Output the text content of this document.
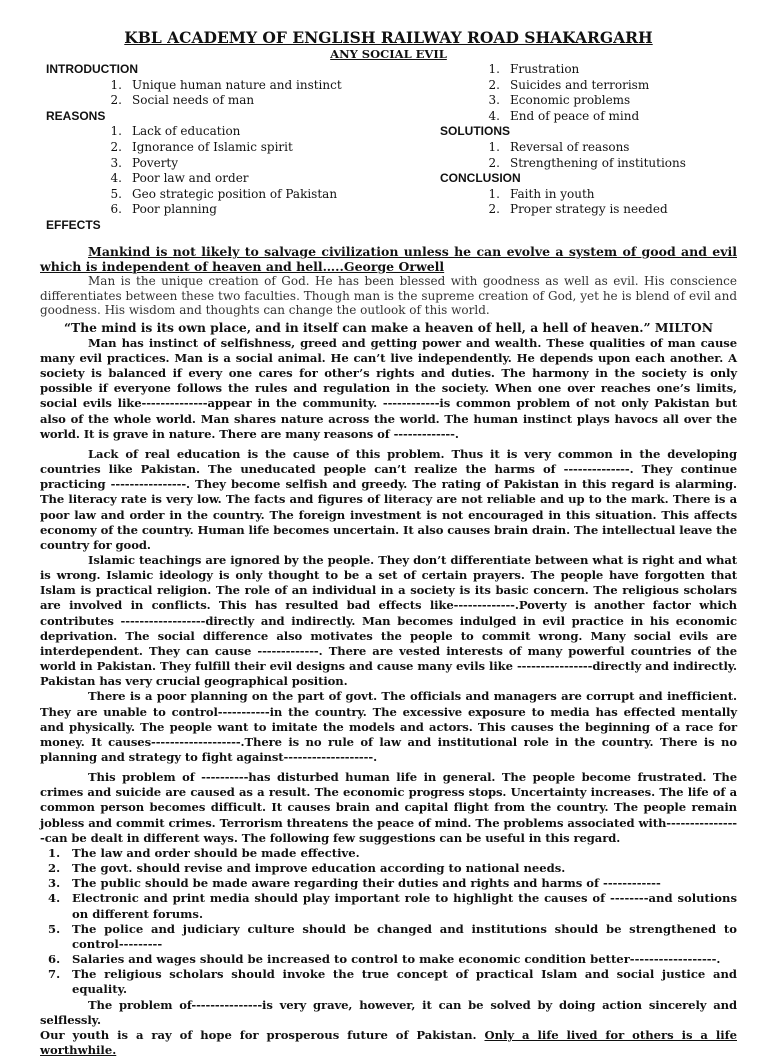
KBL ACADEMY OF ENGLISH RAILWAY ROAD SHAKARGARH
ANY SOCIAL EVIL
INTRODUCTION
1. Unique human nature and instinct
2. Social needs of man
REASONS
1. Lack of education
2. Ignorance of Islamic spirit
3. Poverty
4. Poor law and order
5. Geo strategic position of Pakistan
6. Poor planning
EFFECTS
1. Frustration
2. Suicides and terrorism
3. Economic problems
4. End of peace of mind
SOLUTIONS
1. Reversal of reasons
2. Strengthening of institutions
CONCLUSION
1. Faith in youth
2. Proper strategy is needed
Mankind is not likely to salvage civilization unless he can evolve a system of good and evil which is independent of heaven and hell…..George Orwell
Man is the unique creation of God. He has been blessed with goodness as well as evil. His conscience differentiates between these two faculties. Though man is the supreme creation of God, yet he is blend of evil and goodness. His wisdom and thoughts can change the outlook of this world.
“The mind is its own place, and in itself can make a heaven of hell, a hell of heaven.” MILTON

Man has instinct of selfishness, greed and getting power and wealth. These qualities of man cause many evil practices. Man is a social animal. He can’t live independently. He depends upon each another. A society is balanced if every one cares for other’s rights and duties. The harmony in the society is only possible if everyone follows the rules and regulation in the society. When one over reaches one’s limits, social evils like--------------appear in the community. ------------is common problem of not only Pakistan but also of the whole world. Man shares nature across the world. The human instinct plays havocs all over the world. It is grave in nature. There are many reasons of -------------.

Lack of real education is the cause of this problem. Thus it is very common in the developing countries like Pakistan. The uneducated people can’t realize the harms of --------------. They continue practicing ----------------. They become selfish and greedy. The rating of Pakistan in this regard is alarming. The literacy rate is very low. The facts and figures of literacy are not reliable and up to the mark. There is a poor law and order in the country. The foreign investment is not encouraged in this situation. This affects economy of the country. Human life becomes uncertain. It also causes brain drain. The intellectual leave the country for good.

Islamic teachings are ignored by the people. They don’t differentiate between what is right and what is wrong. Islamic ideology is only thought to be a set of certain prayers. The people have forgotten that Islam is practical religion. The role of an individual in a society is its basic concern. The religious scholars are involved in conflicts. This has resulted bad effects like-------------.Poverty is another factor which contributes ------------------directly and indirectly. Man becomes indulged in evil practice in his economic deprivation. The social difference also motivates the people to commit wrong. Many social evils are interdependent. They can cause -------------. There are vested interests of many powerful countries of the world in Pakistan. They fulfill their evil designs and cause many evils like ----------------directly and indirectly. Pakistan has very crucial geographical position.

There is a poor planning on the part of govt. The officials and managers are corrupt and inefficient. They are unable to control-----------in the country. The excessive exposure to media has effected mentally and physically. The people want to imitate the models and actors. This causes the beginning of a race for money. It causes-------------------.There is no rule of law and institutional role in the country. There is no planning and strategy to fight against-------------------.

This problem of ----------has disturbed human life in general. The people become frustrated. The crimes and suicide are caused as a result. The economic progress stops. Uncertainty increases. The life of a common person becomes difficult. It causes brain and capital flight from the country. The people remain jobless and commit crimes. Terrorism threatens the peace of mind. The problems associated with----------------can be dealt in different ways. The following few suggestions can be useful in this regard.

1.	The law and order should be made effective.
2.	The govt. should revise and improve education according to national needs.
3.	The public should be made aware regarding their duties and rights and harms of ------------
4.	Electronic and print media should play important role to highlight the causes of --------and solutions on different forums.
5.	The police and judiciary culture should be changed and institutions should be strengthened to control---------
6.	Salaries and wages should be increased to control to make economic condition better------------------.
7.	The religious scholars should invoke the true concept of practical Islam and social justice and equality.

The problem of---------------is very grave, however, it can be solved by doing action sincerely and selflessly.

Our youth is a ray of hope for prosperous future of Pakistan. Only a life lived for others is a life worthwhile.
